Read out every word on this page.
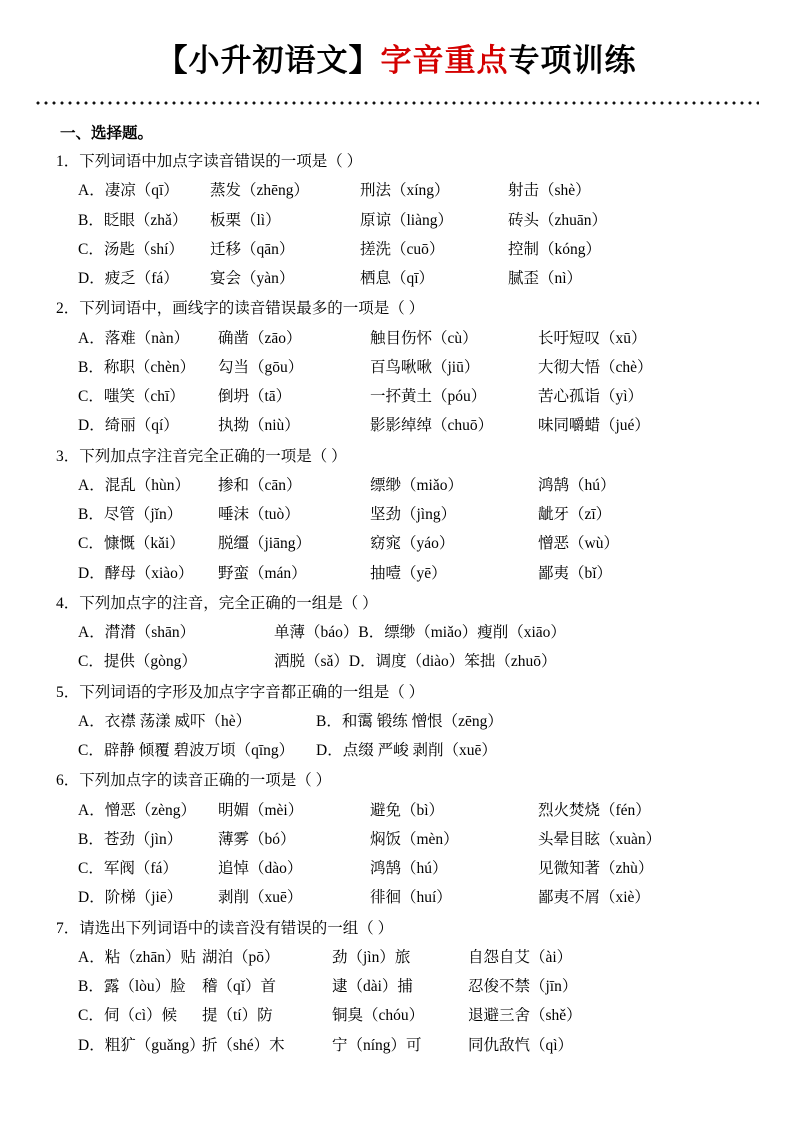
【小升初语文】字音重点专项训练
一、选择题。
1．下列词语中加点字读音错误的一项是（ ）
A．凄凉（qī） 蒸发（zhēng）	刑法（xíng）	射击（shè）
B．眨眼（zhǎ） 板栗（lì）	原谅（liàng）	砖头（zhuān）
C．汤匙（shí） 迁移（qān）	搓洗（cuō）	控制（kóng）
D．疲乏（fá） 宴会（yàn）	栖息（qī）	腻歪（nì）
2．下列词语中，画线字的读音错误最多的一项是（ ）
A．落难（nàn） 确凿（zāo）	触目伤怀（cù）	长吁短叹（xū）
B．称职（chèn） 勾当（gōu）	百鸟啾啾（jiū）	大彻大悟（chè）
C．嗤笑（chī） 倒坍（tā）	一抔黄土（póu）	苦心孤诣（yì）
D．绮丽（qí）	执拗（niù）	影影绰绰（chuō）	味同嚼蜡（jué）
3．下列加点字注音完全正确的一项是（ ）
A．混乱（hùn） 掺和（cān）	缥缈（miǎo）	鸿鹄（hú）
B．尽管（jǐn） 唾沫（tuò）	坚劲（jìng）	龇牙（zī）
C．慷慨（kǎi） 脱缰（jiāng）	窈窕（yáo）	憎恶（wù）
D．酵母（xiào） 野蛮（mán）	抽噎（yē）	鄙夷（bǐ）
4．下列加点字的注音，完全正确的一组是（ ）
A．潸潸（shān）	单薄（báo）B．缥缈（miǎo）瘦削（xiāo）
C．提供（gòng）	洒脱（sǎ）D．调度（diào）笨拙（zhuō）
5．下列词语的字形及加点字字音都正确的一组是（ ）
A．衣襟 荡漾 威吓（hè）	B．和霭 锻练 憎恨（zēng）
C．辟静 倾覆 碧波万顷（qīng） D．点缀 严峻 剥削（xuē）
6．下列加点字的读音正确的一项是（ ）
A．憎恶（zèng） 明媚（mèi）	避免（bì）	烈火焚烧（fén）
B．苍劲（jìn） 薄雾（bó）	焖饭（mèn）	头晕目眩（xuàn）
C．军阀（fá）	追悼（dào）	鸿鹄（hú）	见微知著（zhù）
D．阶梯（jiē） 剥削（xuē）	徘徊（huí）	鄙夷不屑（xiè）
7．请选出下列词语中的读音没有错误的一组（ ）
A．粘（zhān）贴 湖泊（pō）	劲（jìn）旅	自怨自艾（ài）
B．露（lòu）脸 稽（qǐ）首	逮（dài）捕	忍俊不禁（jīn）
C．伺（cì）候 提（tí）防	铜臭（chóu）	退避三舍（shě）
D．粗犷（guǎng）折（shé）木	宁（níng）可	同仇敌忾（qì）
